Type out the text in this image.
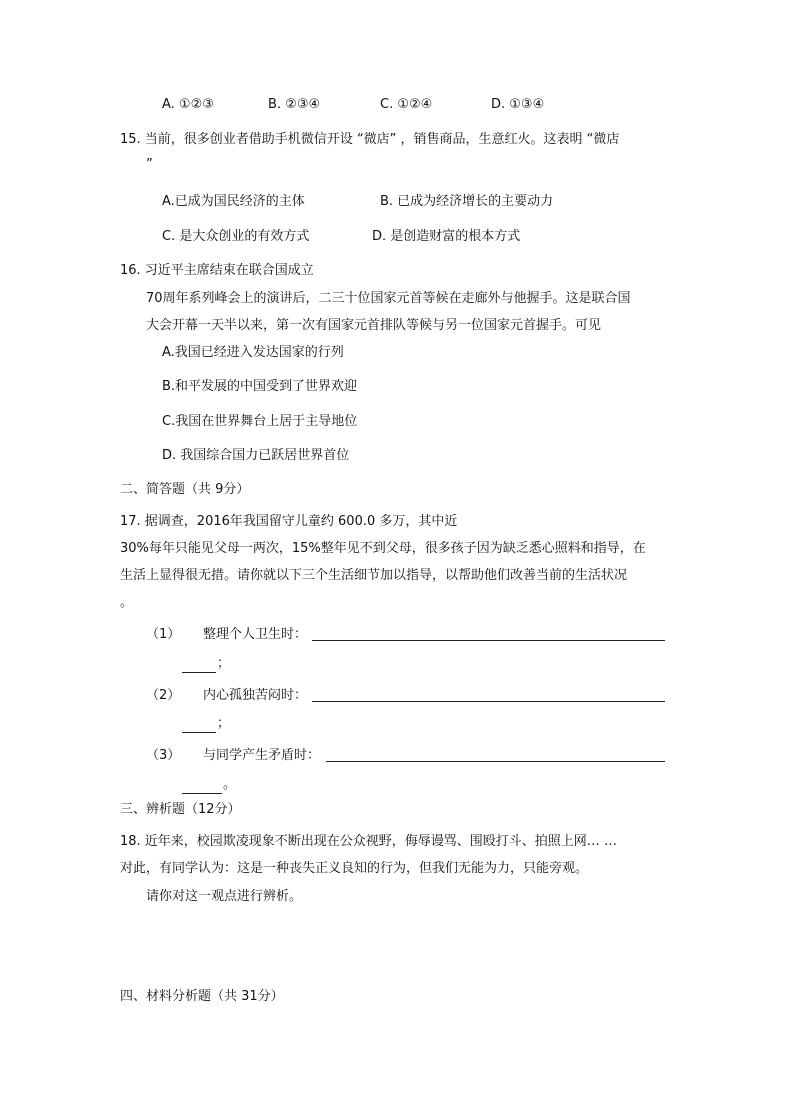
A. ①②③	B. ②③④	C. ①②④	D. ①③④
15. 当前，很多创业者借助手机微信开设 “微店” ，销售商品，生意红火。这表明 “微店
”
A.已成为国民经济的主体	B. 已成为经济增长的主要动力
C. 是大众创业的有效方式	D. 是创造财富的根本方式
16. 习近平主席结束在联合国成立
70周年系列峰会上的演讲后，二三十位国家元首等候在走廊外与他握手。这是联合国
大会开幕一天半以来，第一次有国家元首排队等候与另一位国家元首握手。可见
A.我国已经进入发达国家的行列
B.和平发展的中国受到了世界欢迎
C.我国在世界舞台上居于主导地位
D. 我国综合国力已跃居世界首位
二、简答题（共 9分）
17. 据调查，2016年我国留守儿童约 600.0 多万，其中近
30%每年只能见父母一两次，15%整年见不到父母，很多孩子因为缺乏悉心照料和指导，在
生活上显得很无措。请你就以下三个生活细节加以指导，以帮助他们改善当前的生活状况
。
（1） 整理个人卫生时：
；
（2） 内心孤独苦闷时：
；
（3） 与同学产生矛盾时：
。
三、辨析题（12分）
18. 近年来，校园欺凌现象不断出现在公众视野，侮辱谩骂、围殴打斗、拍照上网… …
对此，有同学认为：这是一种丧失正义良知的行为，但我们无能为力，只能旁观。
请你对这一观点进行辨析。
四、材料分析题（共 31分）
